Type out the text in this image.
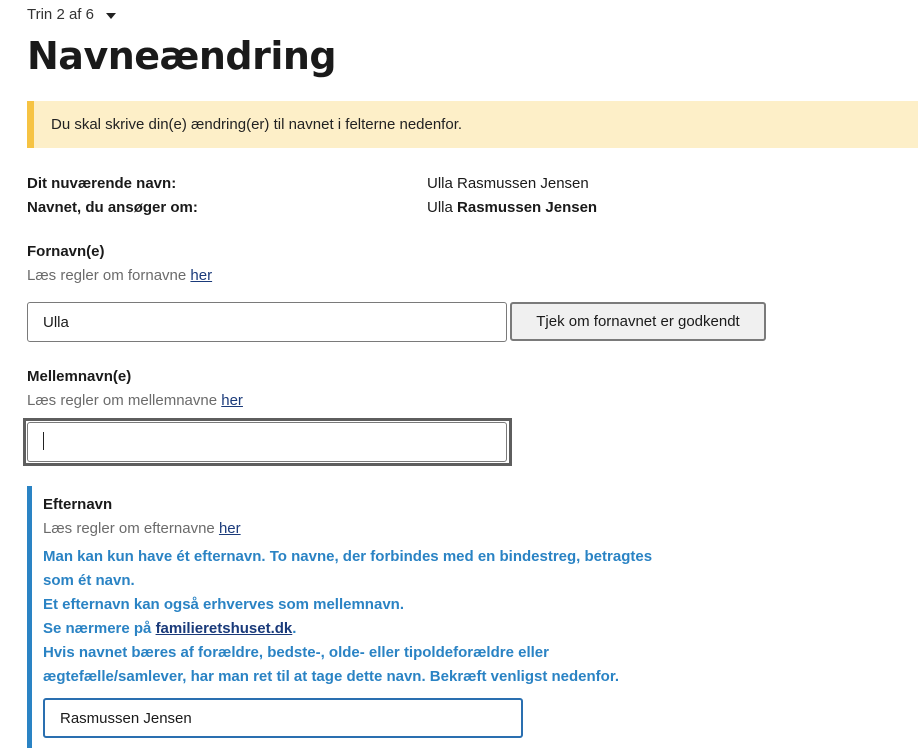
Trin 2 af 6
Navneændring
Du skal skrive din(e) ændring(er) til navnet i felterne nedenfor.
Dit nuværende navn:	Ulla Rasmussen Jensen
Navnet, du ansøger om:	Ulla Rasmussen Jensen
Fornavn(e)
Læs regler om fornavne her
Ulla
Tjek om fornavnet er godkendt
Mellemnavn(e)
Læs regler om mellemnavne her
Efternavn
Læs regler om efternavne her
Man kan kun have ét efternavn. To navne, der forbindes med en bindestreg, betragtes
som ét navn.
Et efternavn kan også erhverves som mellemnavn.
Se nærmere på familieretshuset.dk.
Hvis navnet bæres af forældre, bedste-, olde- eller tipoldeforældre eller
ægtefælle/samlever, har man ret til at tage dette navn. Bekræft venligst nedenfor.
Rasmussen Jensen
